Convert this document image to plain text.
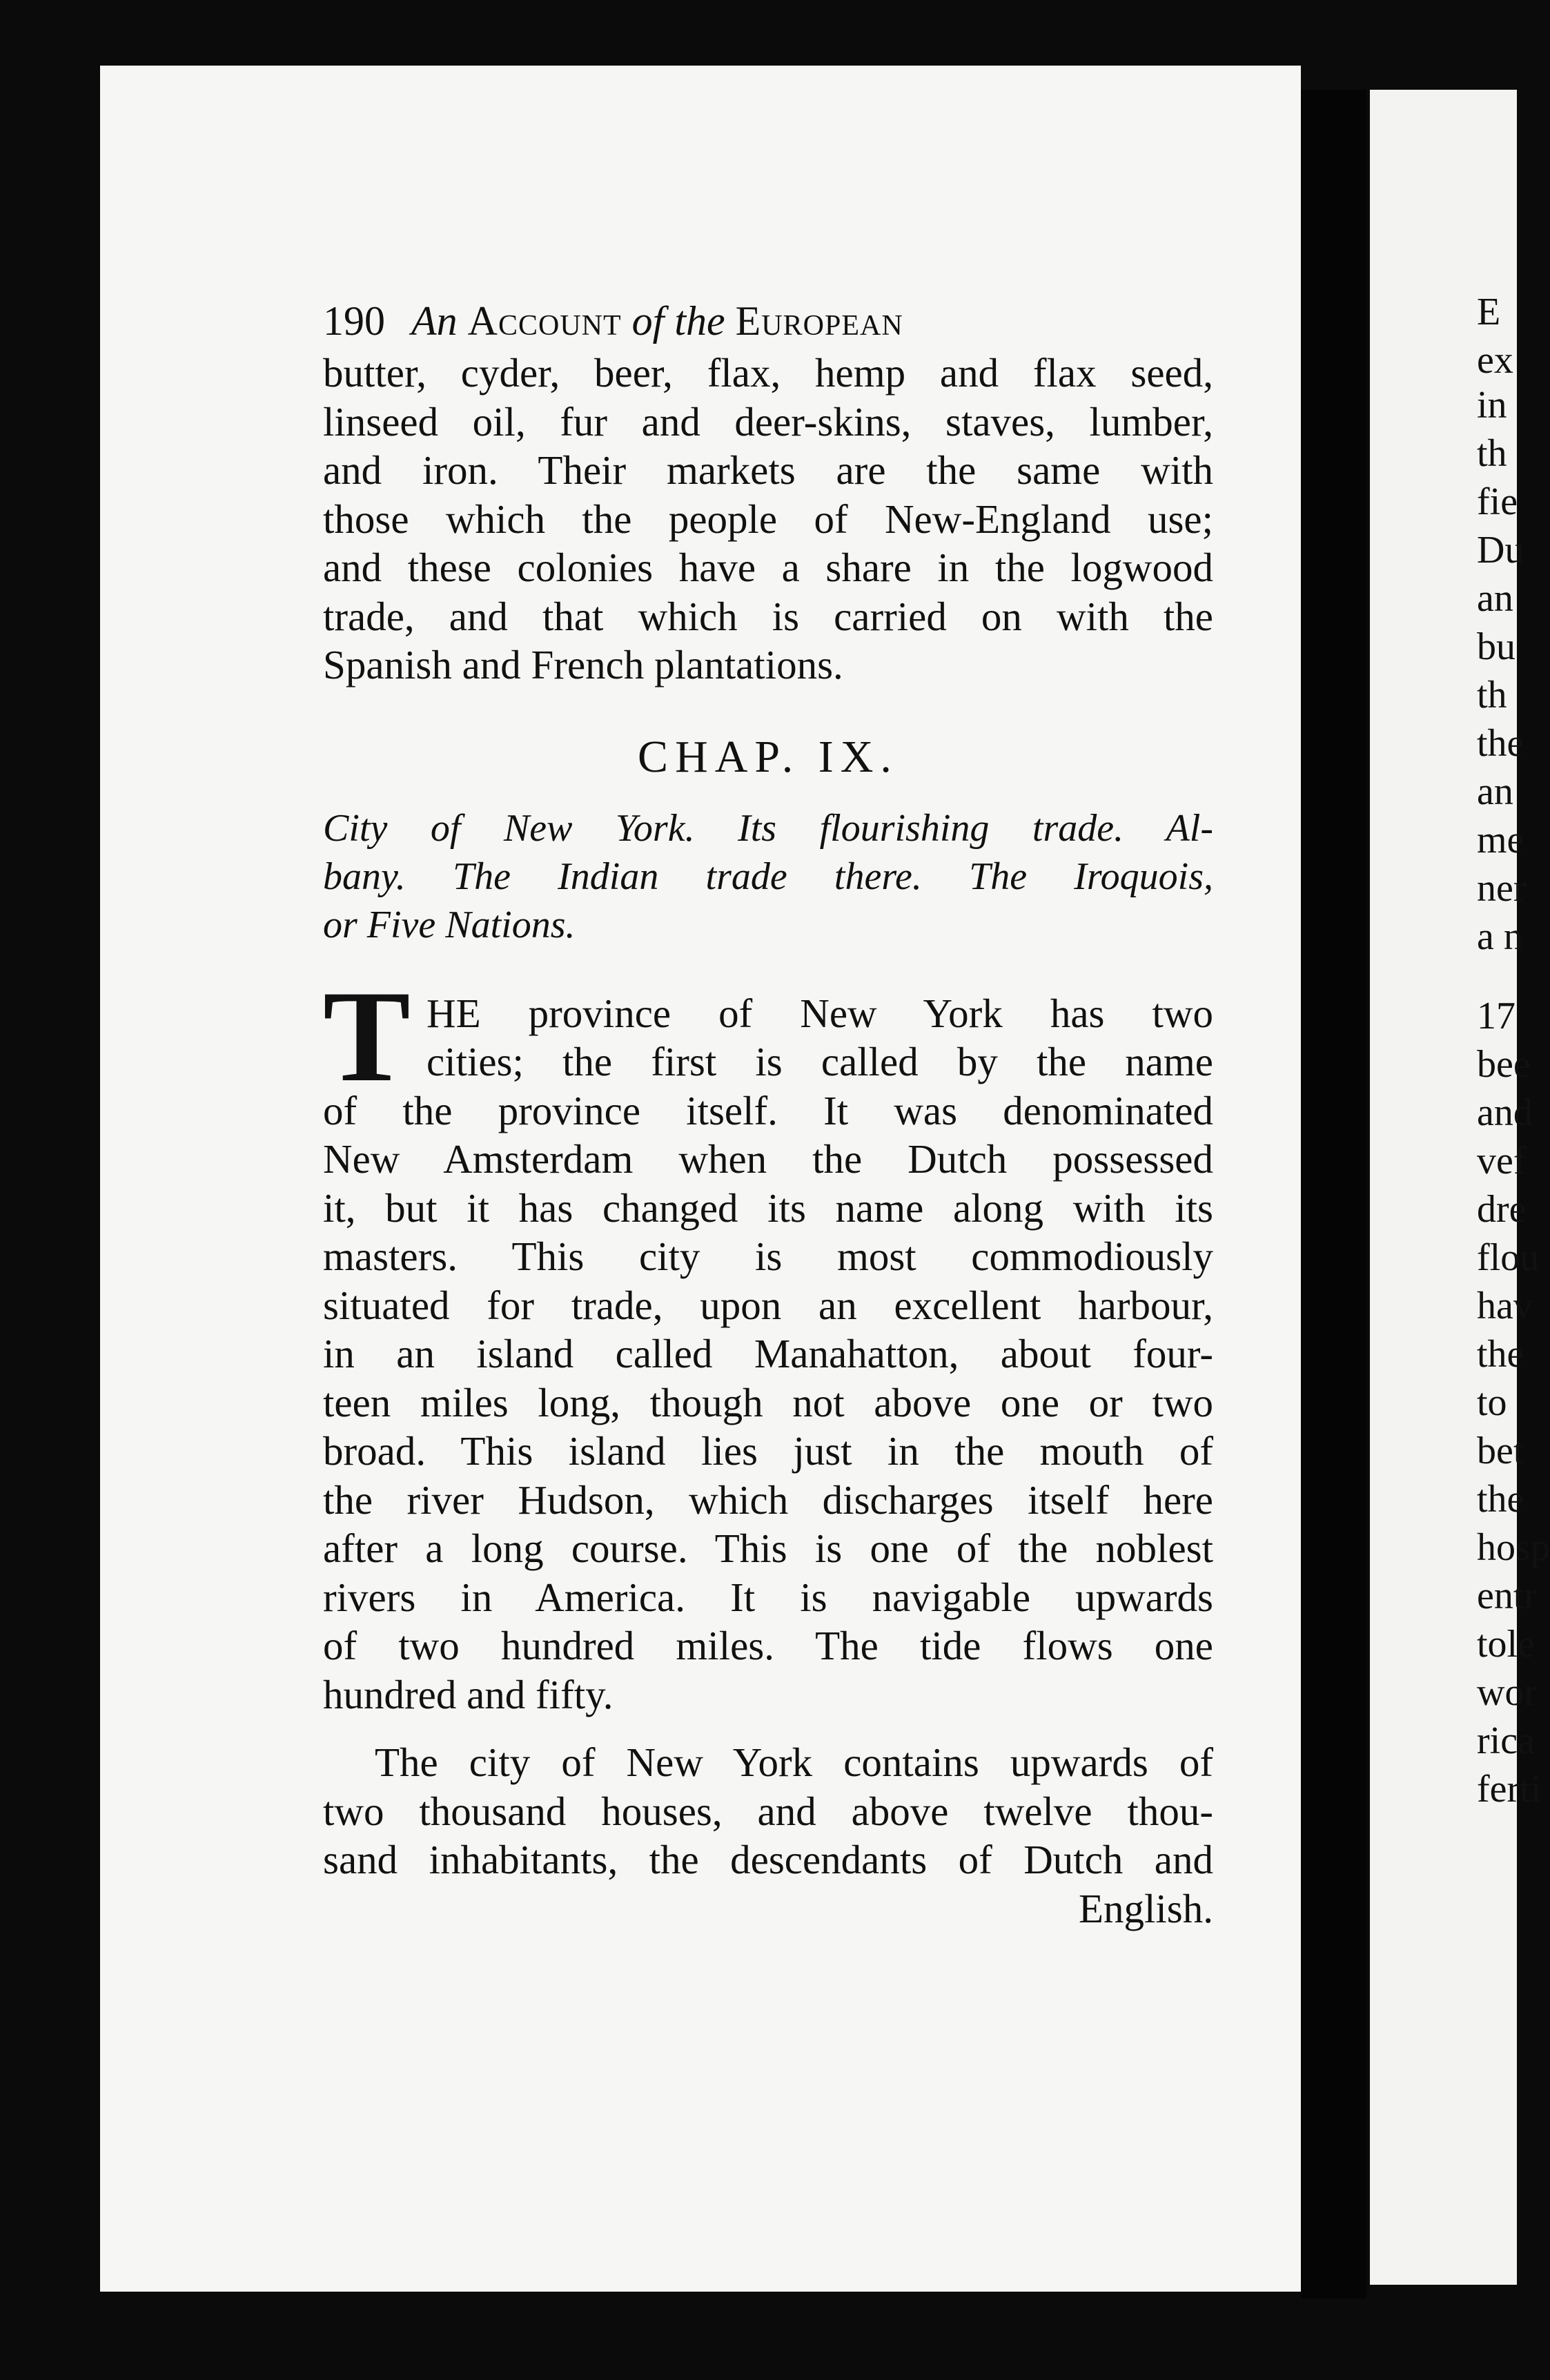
E
ex
in
th
fie
Du
an
bu
th
the
an
me
ner
a n
17
bee
and
vef
dre
flou
hav
the
to
bet
the
hosp
entr
tole
wor
rica
ferti
190 An Account of the European
butter, cyder, beer, flax, hemp and flax seed,
linseed oil, fur and deer-skins, staves, lumber,
and iron. Their markets are the same with
those which the people of New-England use;
and these colonies have a share in the logwood
trade, and that which is carried on with the
Spanish and French plantations.
CHAP. IX.
City of New York. Its flourishing trade. Al-
bany. The Indian trade there. The Iroquois,
or Five Nations.
T HE province of New York has two
cities; the first is called by the name
of the province itself. It was denominated
New Amsterdam when the Dutch possessed
it, but it has changed its name along with its
masters. This city is most commodiously
situated for trade, upon an excellent harbour,
in an island called Manahatton, about four-
teen miles long, though not above one or two
broad. This island lies just in the mouth of
the river Hudson, which discharges itself here
after a long course. This is one of the noblest
rivers in America. It is navigable upwards
of two hundred miles. The tide flows one
hundred and fifty.
The city of New York contains upwards of
two thousand houses, and above twelve thou-
sand inhabitants, the descendants of Dutch and
English.
